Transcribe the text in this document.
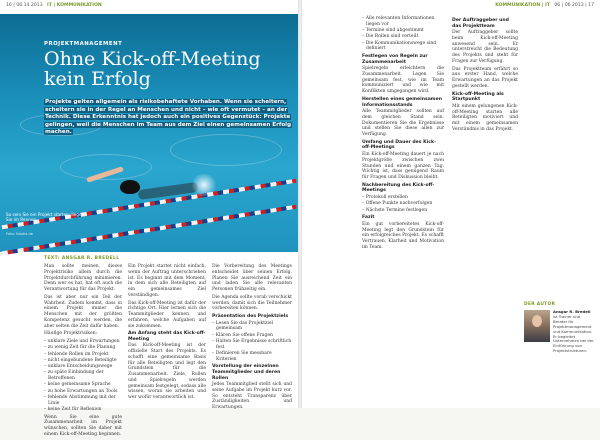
16 | 06.14 2013 IT | KOMMUNIKATION
PROJEKTMANAGEMENT
Ohne Kick-off-Meeting kein Erfolg
Projekte gelten allgemein als risikobehaftete Vorhaben. Wenn sie scheitern, scheitern sie in der Regel an Menschen und nicht – wie oft vermutet – an der Technik. Diese Erkenntnis hat jedoch auch ein positives Gegenstück: Projekte gelingen, weil die Menschen im Team aus dem Ziel einen gemeinsamen Erfolg machen.
So sein Sie ein Projekt starten, liegen Sie im Rennen
Foto: fotolia.de
TEXT: ANSGAR R. BREDELL

Man sollte meinen, dieses Projektrisiko allein durch die Projektdurchführung minimieren. Denn wer es hat, hat oft auch die Verantwortung für das Projekt.

Das ist aber nur ein Teil der Wahrheit. Zudem kommt, dass in einem Projekt immer die Menschen mit der größten Kompetenz gesucht werden, die aber selten die Zeit dafür haben.

Häufige Projektrisiken:

– unklare Ziele und Erwartungen
– zu wenig Zeit für die Planung
– fehlende Rollen im Projekt
– nicht eingebundene Beteiligte
– unklare Entscheidungswege
– zu späte Einbindung der Betroffenen
– keine gemeinsame Sprache
– zu hohe Erwartungen an Tools
– fehlende Abstimmung mit der Linie
– keine Zeit für Reflexion

Wenn Sie eine gute Zusammenarbeit im Projekt wünschen, sollten Sie daher mit einem Kick-off-Meeting beginnen.

Ein Projekt startet nicht einfach, wenn der Auftrag unterschrieben ist. Es beginnt mit dem Moment, in dem sich alle Beteiligten auf ein gemeinsames Ziel verständigen.

Das Kick-off-Meeting ist dafür der richtige Ort. Hier lernen sich die Teammitglieder kennen und erfahren, welche Aufgaben auf sie zukommen.

Am Anfang steht das Kick-off-Meeting

Das Kick-off-Meeting ist der offizielle Start des Projekts. Es schafft eine gemeinsame Basis für alle Beteiligten und legt den Grundstein für die Zusammenarbeit. Ziele, Rollen und Spielregeln werden gemeinsam festgelegt, sodass alle wissen, woran sie arbeiten und wer wofür verantwortlich ist.

Die Vorbereitung des Meetings entscheidet über seinen Erfolg. Planen Sie ausreichend Zeit ein und laden Sie alle relevanten Personen frühzeitig ein.

Die Agenda sollte vorab verschickt werden, damit sich die Teilnehmer vorbereiten können.

Präsentation des Projektziels
– Lesen Sie das Projektziel gemeinsam
– Klären Sie offene Fragen
– Halten Sie Ergebnisse schriftlich fest
– Definieren Sie messbare Kriterien
Vorstellung der einzelnen Teammitglieder und deren Rollen

Jedes Teammitglied stellt sich und seine Aufgabe im Projekt kurz vor. So entsteht Transparenz über Zuständigkeiten und Erwartungen.

KOMMUNIKATION | IT 06 | 06 2013 | 17
– Alle relevanten Informationen liegen vor
– Termine sind abgestimmt
– Die Rollen sind verteilt
– Die Kommunikationswege sind definiert
Festlegen von Regeln zur Zusammenarbeit

Spielregeln erleichtern die Zusammenarbeit. Legen Sie gemeinsam fest, wie im Team kommuniziert und wie mit Konflikten umgegangen wird.

Herstellen eines gemeinsamen Informationsstands

Alle Teammitglieder sollten auf dem gleichen Stand sein. Dokumentieren Sie die Ergebnisse und stellen Sie diese allen zur Verfügung.

Umfang und Dauer des Kick-off-Meetings

Ein Kick-off-Meeting dauert je nach Projektgröße zwischen zwei Stunden und einem ganzen Tag. Wichtig ist, dass genügend Raum für Fragen und Diskussion bleibt.

Nachbereitung des Kick-off-Meetings
– Protokoll erstellen
– Offene Punkte nachverfolgen
– Nächste Termine festlegen
Fazit

Ein gut vorbereitetes Kick-off-Meeting legt den Grundstein für ein erfolgreiches Projekt. Es schafft Vertrauen, Klarheit und Motivation im Team.

Der Auftraggeber und das Projektteam

Der Auftraggeber sollte beim Kick-off-Meeting anwesend sein. Er unterstreicht die Bedeutung des Projekts und steht für Fragen zur Verfügung.

Das Projektteam erfährt so aus erster Hand, welche Erwartungen an das Projekt gestellt werden.

Kick-off-Meeting als Startpunkt

Mit einem gelungenen Kick-off-Meeting starten alle Beteiligten motiviert und mit einem gemeinsamen Verständnis in das Projekt.

DER AUTOR
Ansgar R. Bredell ist Trainer und Berater für Projektmanagement und Kommunikation. Er begleitet Unternehmen bei der Einführung von Projektstrukturen.
